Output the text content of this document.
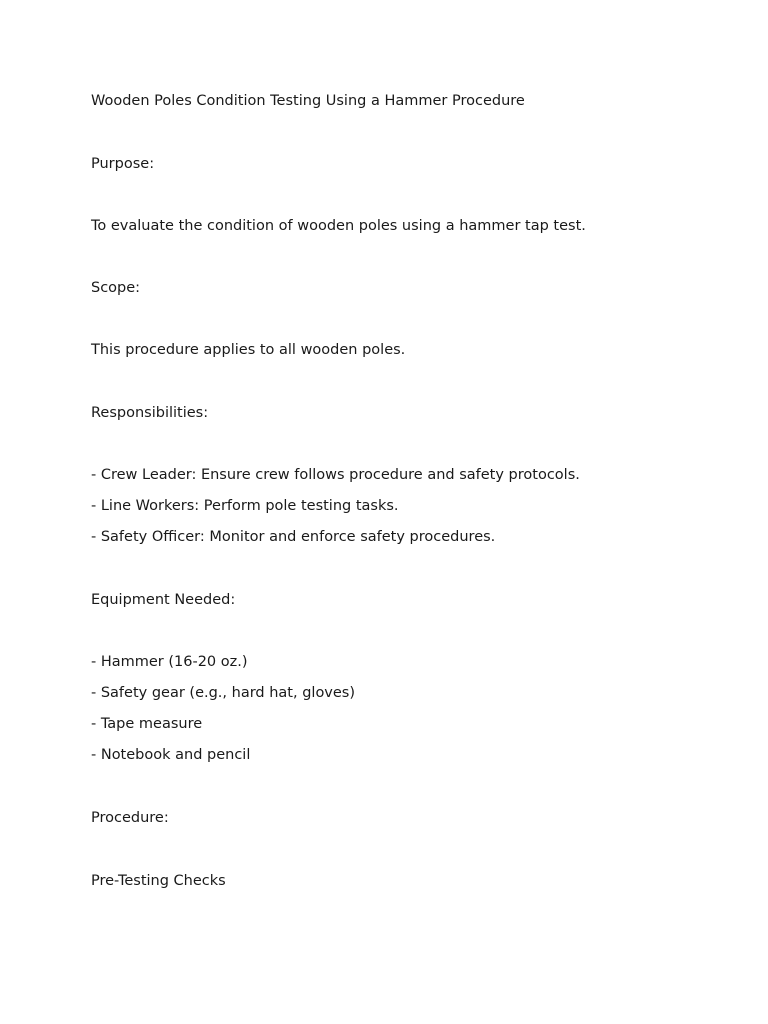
Wooden Poles Condition Testing Using a Hammer Procedure
Purpose:
To evaluate the condition of wooden poles using a hammer tap test.
Scope:
This procedure applies to all wooden poles.
Responsibilities:
- Crew Leader: Ensure crew follows procedure and safety protocols.
- Line Workers: Perform pole testing tasks.
- Safety Officer: Monitor and enforce safety procedures.
Equipment Needed:
- Hammer (16-20 oz.)
- Safety gear (e.g., hard hat, gloves)
- Tape measure
- Notebook and pencil
Procedure:
Pre-Testing Checks
